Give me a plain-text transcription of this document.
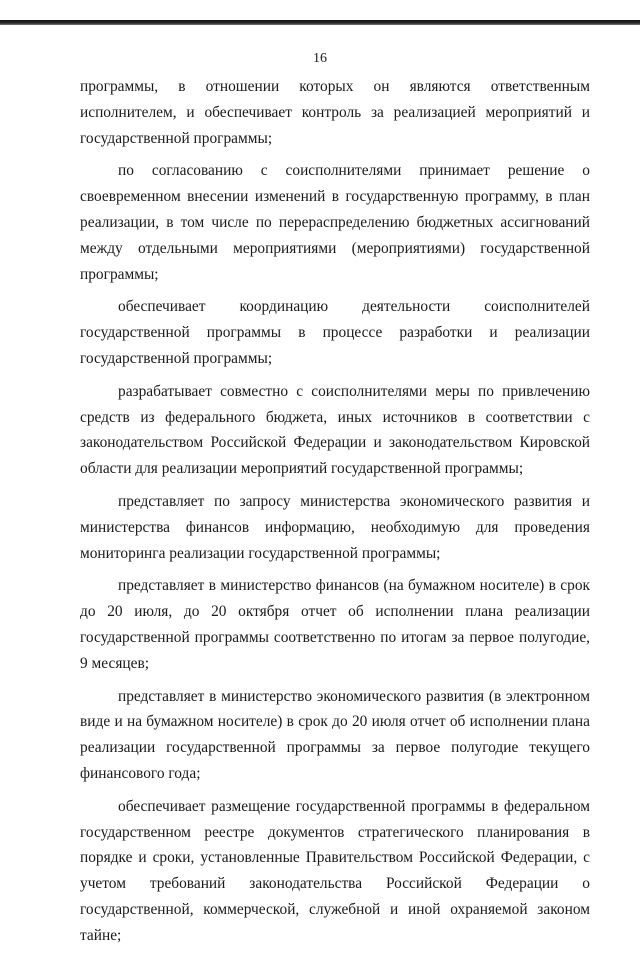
16

программы, в отношении которых он являются ответственным исполнителем, и обеспечивает контроль за реализацией мероприятий и государственной программы;

по согласованию с соисполнителями принимает решение о своевременном внесении изменений в государственную программу, в план реализации, в том числе по перераспределению бюджетных ассигнований между отдельными мероприятиями (мероприятиями) государственной программы;

обеспечивает координацию деятельности соисполнителей государственной программы в процессе разработки и реализации государственной программы;

разрабатывает совместно с соисполнителями меры по привлечению средств из федерального бюджета, иных источников в соответствии с законодательством Российской Федерации и законодательством Кировской области для реализации мероприятий государственной программы;

представляет по запросу министерства экономического развития и министерства финансов информацию, необходимую для проведения мониторинга реализации государственной программы;

представляет в министерство финансов (на бумажном носителе) в срок до 20 июля, до 20 октября отчет об исполнении плана реализации государственной программы соответственно по итогам за первое полугодие, 9 месяцев;

представляет в министерство экономического развития (в электронном виде и на бумажном носителе) в срок до 20 июля отчет об исполнении плана реализации государственной программы за первое полугодие текущего финансового года;

обеспечивает размещение государственной программы в федеральном государственном реестре документов стратегического планирования в порядке и сроки, установленные Правительством Российской Федерации, с учетом требований законодательства Российской Федерации о государственной, коммерческой, служебной и иной охраняемой законом тайне;
